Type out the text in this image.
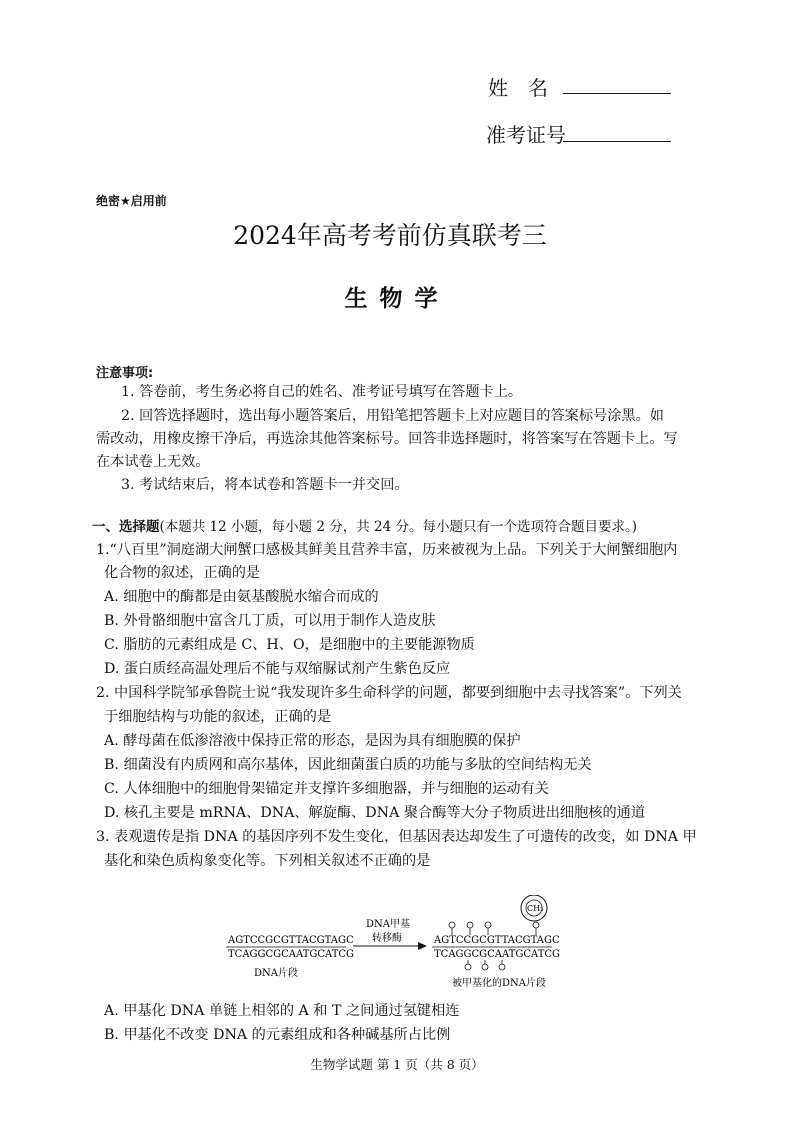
姓　名
准考证号
绝密★启用前
2024年高考考前仿真联考三
生物学
注意事项:
1. 答卷前，考生务必将自己的姓名、准考证号填写在答题卡上。
2. 回答选择题时，选出每小题答案后，用铅笔把答题卡上对应题目的答案标号涂黑。如
需改动，用橡皮擦干净后，再选涂其他答案标号。回答非选择题时，将答案写在答题卡上。写
在本试卷上无效。
3. 考试结束后，将本试卷和答题卡一并交回。
一、选择题(本题共 12 小题，每小题 2 分，共 24 分。每小题只有一个选项符合题目要求。)
1.“八百里”洞庭湖大闸蟹口感极其鲜美且营养丰富，历来被视为上品。下列关于大闸蟹细胞内
化合物的叙述，正确的是
A. 细胞中的酶都是由氨基酸脱水缩合而成的
B. 外骨骼细胞中富含几丁质，可以用于制作人造皮肤
C. 脂肪的元素组成是 C、H、O，是细胞中的主要能源物质
D. 蛋白质经高温处理后不能与双缩脲试剂产生紫色反应
2. 中国科学院邹承鲁院士说“我发现许多生命科学的问题，都要到细胞中去寻找答案”。下列关
于细胞结构与功能的叙述，正确的是
A. 酵母菌在低渗溶液中保持正常的形态，是因为具有细胞膜的保护
B. 细菌没有内质网和高尔基体，因此细菌蛋白质的功能与多肽的空间结构无关
C. 人体细胞中的细胞骨架锚定并支撑许多细胞器，并与细胞的运动有关
D. 核孔主要是 mRNA、DNA、解旋酶、DNA 聚合酶等大分子物质进出细胞核的通道
3. 表观遗传是指 DNA 的基因序列不发生变化，但基因表达却发生了可遗传的改变，如 DNA 甲
基化和染色质构象变化等。下列相关叙述不正确的是
AGTCCGCGTTACGTAGC
TCAGGCGCAATGCATCG
DNA片段
DNA甲基
转移酶
CH₃
AGTCCGCGTTACGTAGC
TCAGGCGCAATGCATCG
被甲基化的DNA片段
A. 甲基化 DNA 单链上相邻的 A 和 T 之间通过氢键相连
B. 甲基化不改变 DNA 的元素组成和各种碱基所占比例
生物学试题 第 1 页（共 8 页）
